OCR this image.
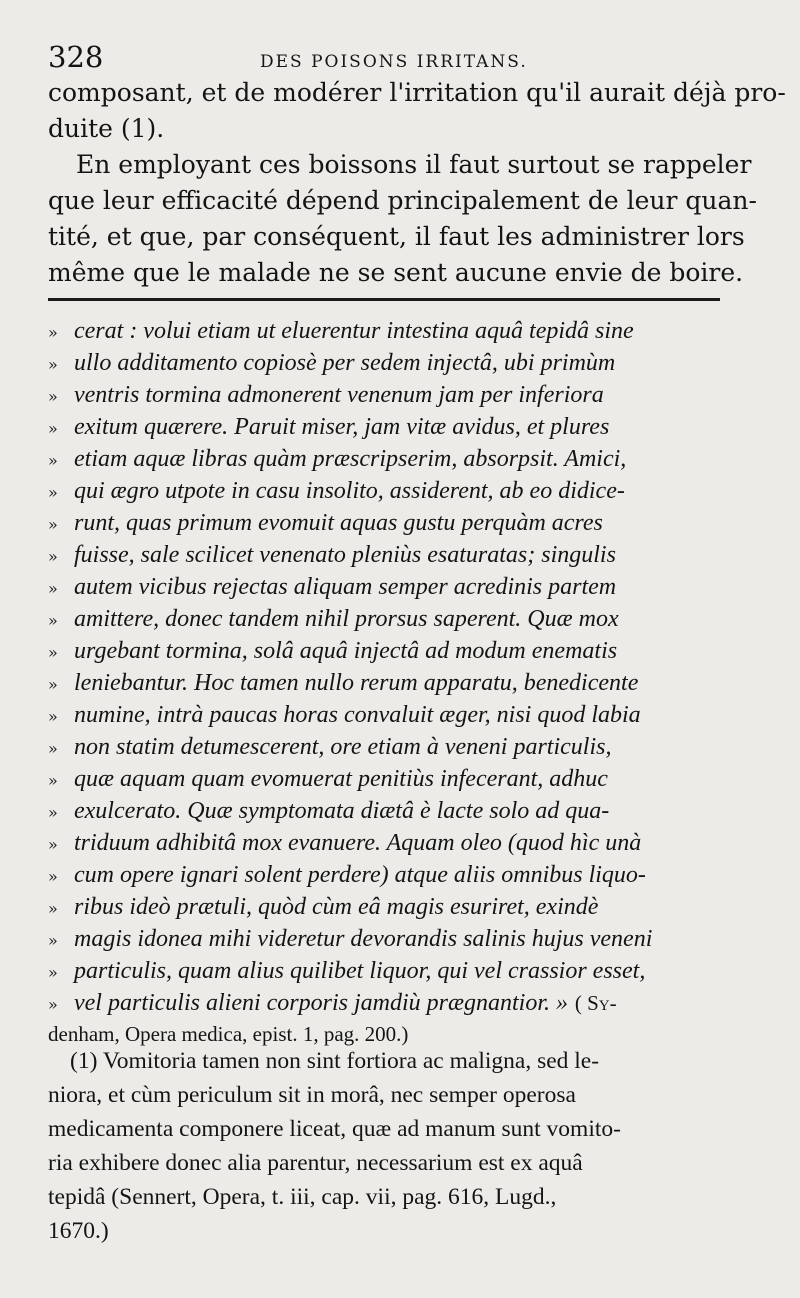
328	DES POISONS IRRITANS.
composant, et de modérer l'irritation qu'il aurait déjà pro-
duite (1).
En employant ces boissons il faut surtout se rappeler
que leur efficacité dépend principalement de leur quan-
tité, et que, par conséquent, il faut les administrer lors
même que le malade ne se sent aucune envie de boire.
» cerat : volui etiam ut eluerentur intestina aquâ tepidâ sine
» ullo additamento copiosè per sedem injectâ, ubi primùm
» ventris tormina admonerent venenum jam per inferiora
» exitum quærere. Paruit miser, jam vitæ avidus, et plures
» etiam aquæ libras quàm præscripserim, absorpsit. Amici,
» qui ægro utpote in casu insolito, assiderent, ab eo didice-
» runt, quas primum evomuit aquas gustu perquàm acres
» fuisse, sale scilicet venenato pleniùs esaturatas; singulis
» autem vicibus rejectas aliquam semper acredinis partem
» amittere, donec tandem nihil prorsus saperent. Quæ mox
» urgebant tormina, solâ aquâ injectâ ad modum enematis
» leniebantur. Hoc tamen nullo rerum apparatu, benedicente
» numine, intrà paucas horas convaluit æger, nisi quod labia
» non statim detumescerent, ore etiam à veneni particulis,
» quæ aquam quam evomuerat penitiùs infecerant, adhuc
» exulcerato. Quæ symptomata diætâ è lacte solo ad qua-
» triduum adhibitâ mox evanuere. Aquam oleo (quod hìc unà
» cum opere ignari solent perdere) atque aliis omnibus liquo-
» ribus ideò prætuli, quòd cùm eâ magis esuriret, exindè
» magis idonea mihi videretur devorandis salinis hujus veneni
» particulis, quam alius quilibet liquor, qui vel crassior esset,
» vel particulis alieni corporis jamdiù prægnantior. » ( Sy-
denham, Opera medica, epist. 1, pag. 200.)
(1) Vomitoria tamen non sint fortiora ac maligna, sed le-
niora, et cùm periculum sit in morâ, nec semper operosa
medicamenta componere liceat, quæ ad manum sunt vomito-
ria exhibere donec alia parentur, necessarium est ex aquâ
tepidâ (Sennert, Opera, t. iii, cap. vii, pag. 616, Lugd.,
1670.)
